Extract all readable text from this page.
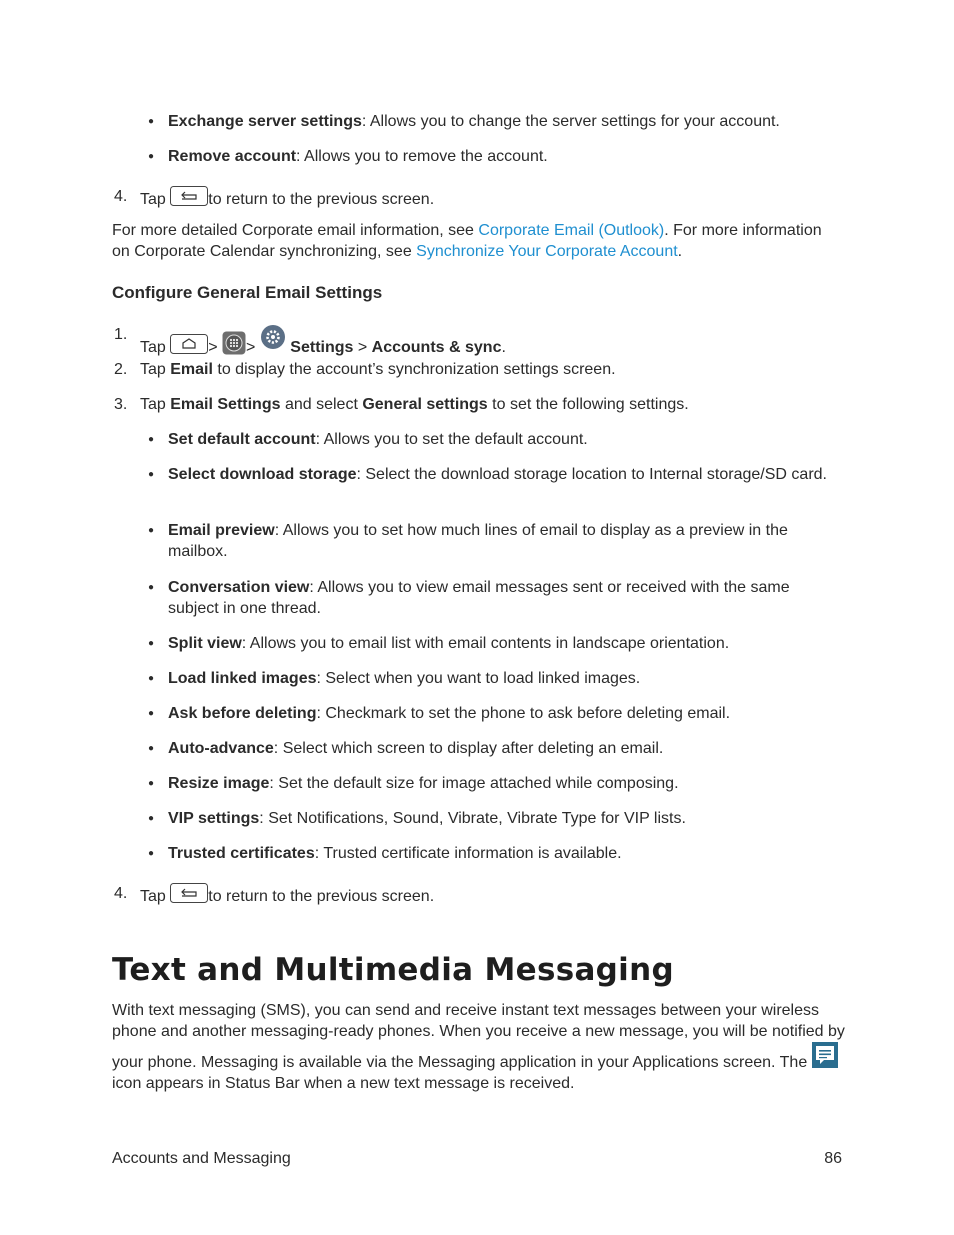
● Exchange server settings: Allows you to change the server settings for your account.
● Remove account: Allows you to remove the account.
4. Tap	to return to the previous screen.
For more detailed Corporate email information, see Corporate Email (Outlook). For more information on Corporate Calendar synchronizing, see Synchronize Your Corporate Account.
Configure General Email Settings
1.
Tap	> > Settings > Accounts & sync.
2. Tap Email to display the account’s synchronization settings screen.
3. Tap Email Settings and select General settings to set the following settings.
● Set default account: Allows you to set the default account.
● Select download storage: Select the download storage location to Internal storage/SD card.
● Email preview: Allows you to set how much lines of email to display as a preview in the mailbox.
● Conversation view: Allows you to view email messages sent or received with the same subject in one thread.
● Split view: Allows you to email list with email contents in landscape orientation.
● Load linked images: Select when you want to load linked images.
● Ask before deleting: Checkmark to set the phone to ask before deleting email.
● Auto-advance: Select which screen to display after deleting an email.
● Resize image: Set the default size for image attached while composing.
● VIP settings: Set Notifications, Sound, Vibrate, Vibrate Type for VIP lists.
● Trusted certificates: Trusted certificate information is available.
4. Tap	to return to the previous screen.
Text and Multimedia Messaging
With text messaging (SMS), you can send and receive instant text messages between your wireless phone and another messaging-ready phones. When you receive a new message, you will be notified by your phone. Messaging is available via the Messaging application in your Applications screen. The  icon appears in Status Bar when a new text message is received.
Accounts and Messaging	86
